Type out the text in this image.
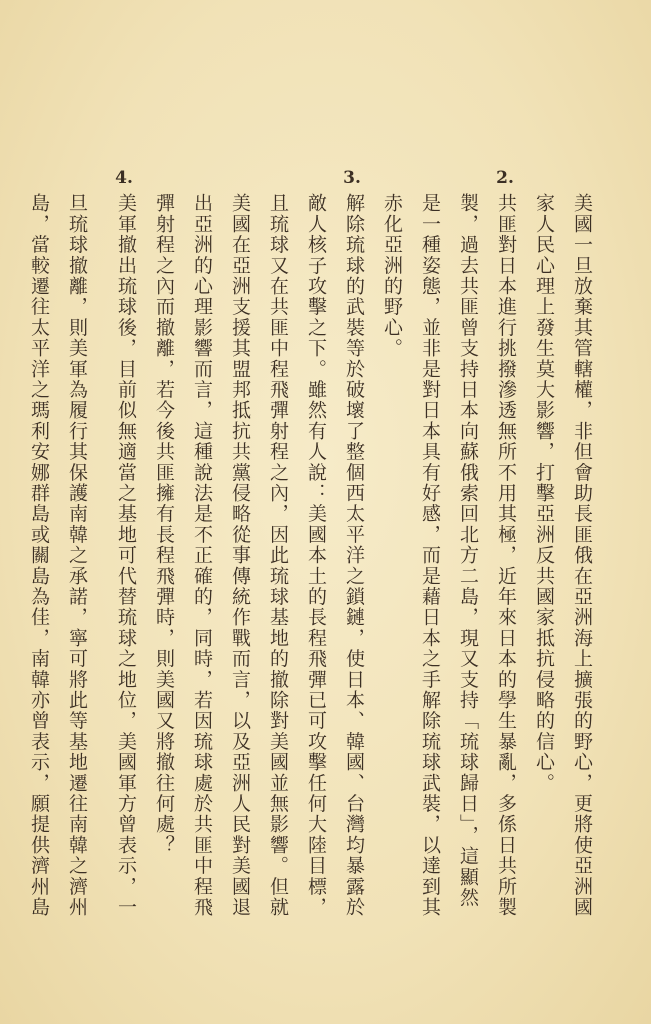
2.
3.
4.
美國一旦放棄其管轄權，非但會助長匪俄在亞洲海上擴張的野心，更將使亞洲國
家人民心理上發生莫大影響，打擊亞洲反共國家抵抗侵略的信心。
共匪對日本進行挑撥滲透無所不用其極，近年來日本的學生暴亂，多係日共所製
製，過去共匪曾支持日本向蘇俄索回北方二島，現又支持「琉球歸日」，這顯然
是一種姿態，並非是對日本具有好感，而是藉日本之手解除琉球武裝，以達到其
赤化亞洲的野心。
解除琉球的武裝等於破壞了整個西太平洋之鎖鏈，使日本、韓國、台灣均暴露於
敵人核子攻擊之下。雖然有人說：美國本土的長程飛彈已可攻擊任何大陸目標，
且琉球又在共匪中程飛彈射程之內，因此琉球基地的撤除對美國並無影響。但就
美國在亞洲支援其盟邦抵抗共黨侵略從事傳統作戰而言，以及亞洲人民對美國退
出亞洲的心理影響而言，這種說法是不正確的，同時，若因琉球處於共匪中程飛
彈射程之內而撤離，若今後共匪擁有長程飛彈時，則美國又將撤往何處？
美軍撤出琉球後，目前似無適當之基地可代替琉球之地位，美國軍方曾表示，一
旦琉球撤離，則美軍為履行其保護南韓之承諾，寧可將此等基地遷往南韓之濟州
島，當較遷往太平洋之瑪利安娜群島或關島為佳，南韓亦曾表示，願提供濟州島
